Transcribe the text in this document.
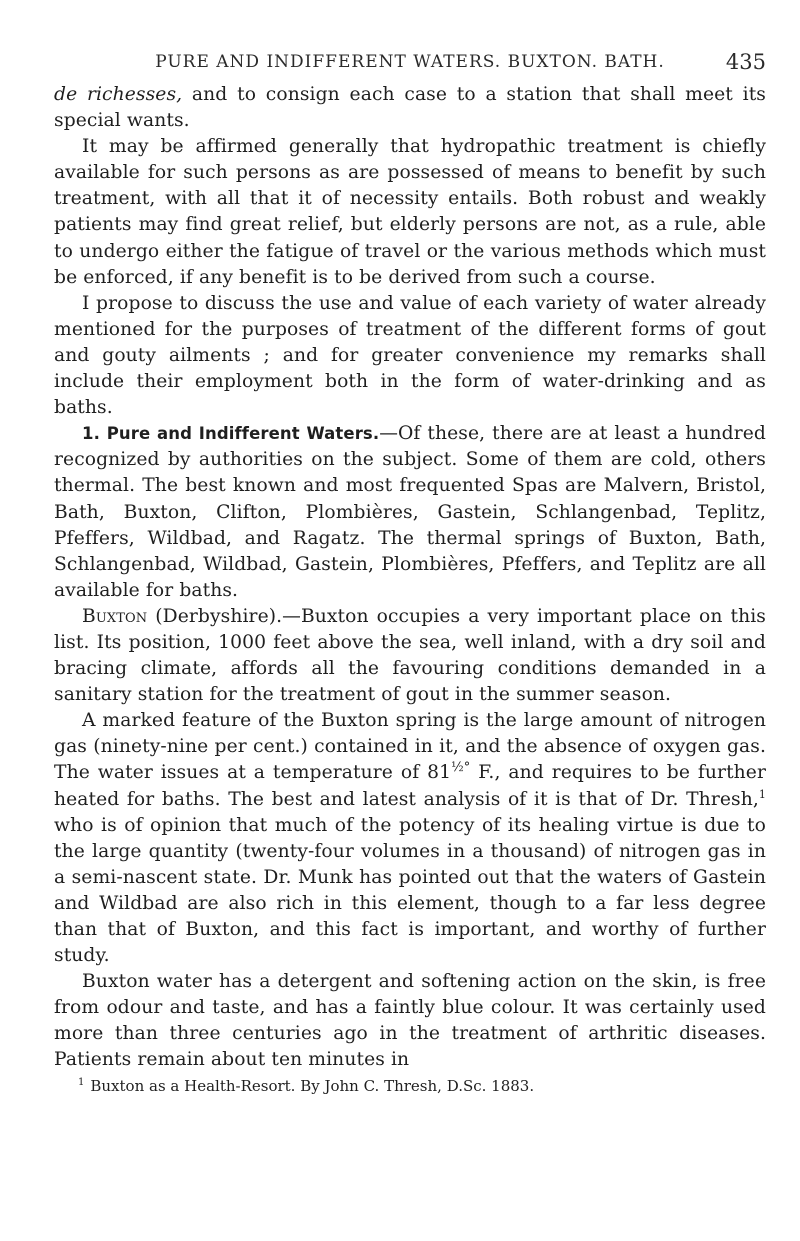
PURE AND INDIFFERENT WATERS. BUXTON. BATH.	435

de richesses, and to consign each case to a station that shall meet its special wants.

It may be affirmed generally that hydropathic treatment is chiefly available for such persons as are possessed of means to benefit by such treatment, with all that it of necessity entails. Both robust and weakly patients may find great relief, but elderly persons are not, as a rule, able to undergo either the fatigue of travel or the various methods which must be enforced, if any benefit is to be derived from such a course.

I propose to discuss the use and value of each variety of water already mentioned for the purposes of treatment of the different forms of gout and gouty ailments ; and for greater convenience my remarks shall include their employment both in the form of water-drinking and as baths.

1. Pure and Indifferent Waters.—Of these, there are at least a hundred recognized by authorities on the subject. Some of them are cold, others thermal. The best known and most frequented Spas are Malvern, Bristol, Bath, Buxton, Clifton, Plombières, Gastein, Schlangenbad, Teplitz, Pfeffers, Wildbad, and Ragatz. The thermal springs of Buxton, Bath, Schlangenbad, Wildbad, Gastein, Plombières, Pfeffers, and Teplitz are all available for baths.

Buxton (Derbyshire).—Buxton occupies a very important place on this list. Its position, 1000 feet above the sea, well inland, with a dry soil and bracing climate, affords all the favouring conditions demanded in a sanitary station for the treatment of gout in the summer season.

A marked feature of the Buxton spring is the large amount of nitrogen gas (ninety-nine per cent.) contained in it, and the absence of oxygen gas. The water issues at a temperature of $81^{\frac{1}{2}^\circ}$ F., and requires to be further heated for baths. The best and latest analysis of it is that of Dr. Thresh,$^1$ who is of opinion that much of the potency of its healing virtue is due to the large quantity (twenty-four volumes in a thousand) of nitrogen gas in a semi-nascent state. Dr. Munk has pointed out that the waters of Gastein and Wildbad are also rich in this element, though to a far less degree than that of Buxton, and this fact is important, and worthy of further study.

Buxton water has a detergent and softening action on the skin, is free from odour and taste, and has a faintly blue colour. It was certainly used more than three centuries ago in the treatment of arthritic diseases. Patients remain about ten minutes in

$^1$ Buxton as a Health-Resort. By John C. Thresh, D.Sc. 1883.
